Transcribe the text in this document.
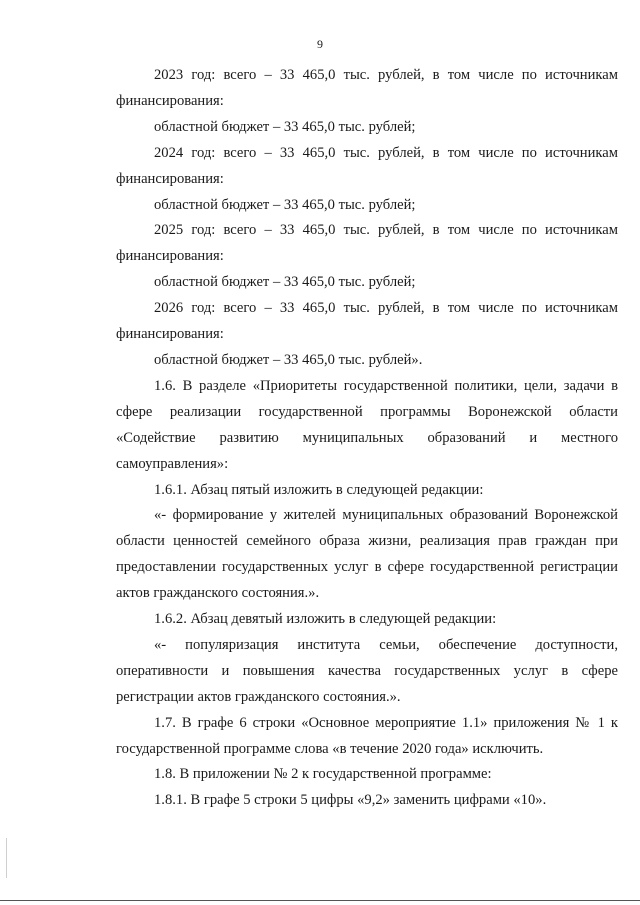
9

2023 год: всего – 33 465,0 тыс. рублей, в том числе по источникам финансирования:

областной бюджет – 33 465,0 тыс. рублей;

2024 год: всего – 33 465,0 тыс. рублей, в том числе по источникам финансирования:

областной бюджет – 33 465,0 тыс. рублей;

2025 год: всего – 33 465,0 тыс. рублей, в том числе по источникам финансирования:

областной бюджет – 33 465,0 тыс. рублей;

2026 год: всего – 33 465,0 тыс. рублей, в том числе по источникам финансирования:

областной бюджет – 33 465,0 тыс. рублей».

1.6. В разделе «Приоритеты государственной политики, цели, задачи в сфере реализации государственной программы Воронежской области «Содействие развитию муниципальных образований и местного самоуправления»:

1.6.1. Абзац пятый изложить в следующей редакции:

«- формирование у жителей муниципальных образований Воронежской области ценностей семейного образа жизни, реализация прав граждан при предоставлении государственных услуг в сфере государственной регистрации актов гражданского состояния.».

1.6.2. Абзац девятый изложить в следующей редакции:

«- популяризация института семьи, обеспечение доступности, оперативности и повышения качества государственных услуг в сфере регистрации актов гражданского состояния.».

1.7. В графе 6 строки «Основное мероприятие 1.1» приложения № 1 к государственной программе слова «в течение 2020 года» исключить.

1.8. В приложении № 2 к государственной программе:

1.8.1. В графе 5 строки 5 цифры «9,2» заменить цифрами «10».
